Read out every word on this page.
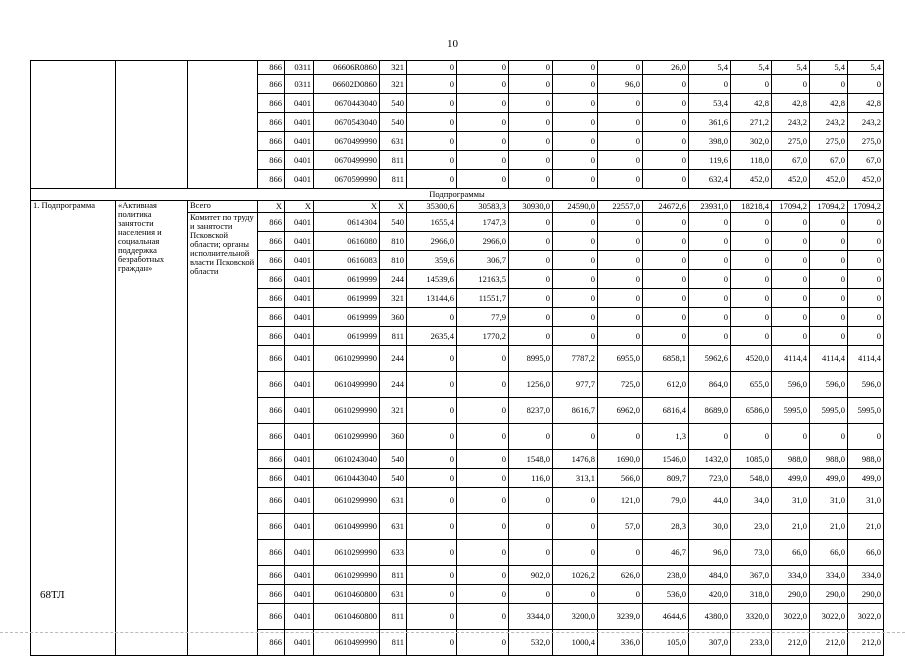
10
			866	0311	06606R0860	321	0	0	0	0	0	26,0	5,4	5,4	5,4	5,4	5,4
			866	0311	06602D0860	321	0	0	0	0	96,0	0	0	0	0	0	0
			866	0401	0670443040	540	0	0	0	0	0	0	53,4	42,8	42,8	42,8	42,8
			866	0401	0670543040	540	0	0	0	0	0	0	361,6	271,2	243,2	243,2	243,2
			866	0401	0670499990	631	0	0	0	0	0	0	398,0	302,0	275,0	275,0	275,0
			866	0401	0670499990	811	0	0	0	0	0	0	119,6	118,0	67,0	67,0	67,0
			866	0401	0670599990	811	0	0	0	0	0	0	632,4	452,0	452,0	452,0	452,0
Подпрограммы																	
1. Подпрограмма	«Активная политика занятости населения и социальная поддержка безработных граждан»	Всего	Х	Х	Х	Х	35300,6	30583,3	30930,0	24590,0	22557,0	24672,6	23931,0	18218,4	17094,2	17094,2	17094,2
		Комитет по труду и занятости Псковской области; органы исполнительной власти Псковской области	866	0401	0614304	540	1655,4	1747,3	0	0	0	0	0	0	0	0	0
			866	0401	0616080	810	2966,0	2966,0	0	0	0	0	0	0	0	0	0
			866	0401	0616083	810	359,6	306,7	0	0	0	0	0	0	0	0	0
			866	0401	0619999	244	14539,6	12163,5	0	0	0	0	0	0	0	0	0
			866	0401	0619999	321	13144,6	11551,7	0	0	0	0	0	0	0	0	0
			866	0401	0619999	360	0	77,9	0	0	0	0	0	0	0	0	0
			866	0401	0619999	811	2635,4	1770,2	0	0	0	0	0	0	0	0	0
			866	0401	0610299990	244	0	0	8995,0	7787,2	6955,0	6858,1	5962,6	4520,0	4114,4	4114,4	4114,4
			866	0401	0610499990	244	0	0	1256,0	977,7	725,0	612,0	864,0	655,0	596,0	596,0	596,0
			866	0401	0610299990	321	0	0	8237,0	8616,7	6962,0	6816,4	8689,0	6586,0	5995,0	5995,0	5995,0
			866	0401	0610299990	360	0	0	0	0	0	1,3	0	0	0	0	0
			866	0401	0610243040	540	0	0	1548,0	1476,8	1690,0	1546,0	1432,0	1085,0	988,0	988,0	988,0
			866	0401	0610443040	540	0	0	116,0	313,1	566,0	809,7	723,0	548,0	499,0	499,0	499,0
			866	0401	0610299990	631	0	0	0	0	121,0	79,0	44,0	34,0	31,0	31,0	31,0
			866	0401	0610499990	631	0	0	0	0	57,0	28,3	30,0	23,0	21,0	21,0	21,0
			866	0401	0610299990	633	0	0	0	0	0	46,7	96,0	73,0	66,0	66,0	66,0
			866	0401	0610299990	811	0	0	902,0	1026,2	626,0	238,0	484,0	367,0	334,0	334,0	334,0
			866	0401	0610460800	631	0	0	0	0	0	536,0	420,0	318,0	290,0	290,0	290,0
			866	0401	0610460800	811	0	0	3344,0	3200,0	3239,0	4644,6	4380,0	3320,0	3022,0	3022,0	3022,0
			866	0401	0610499990	811	0	0	532,0	1000,4	336,0	105,0	307,0	233,0	212,0	212,0	212,0
68ТЛ
